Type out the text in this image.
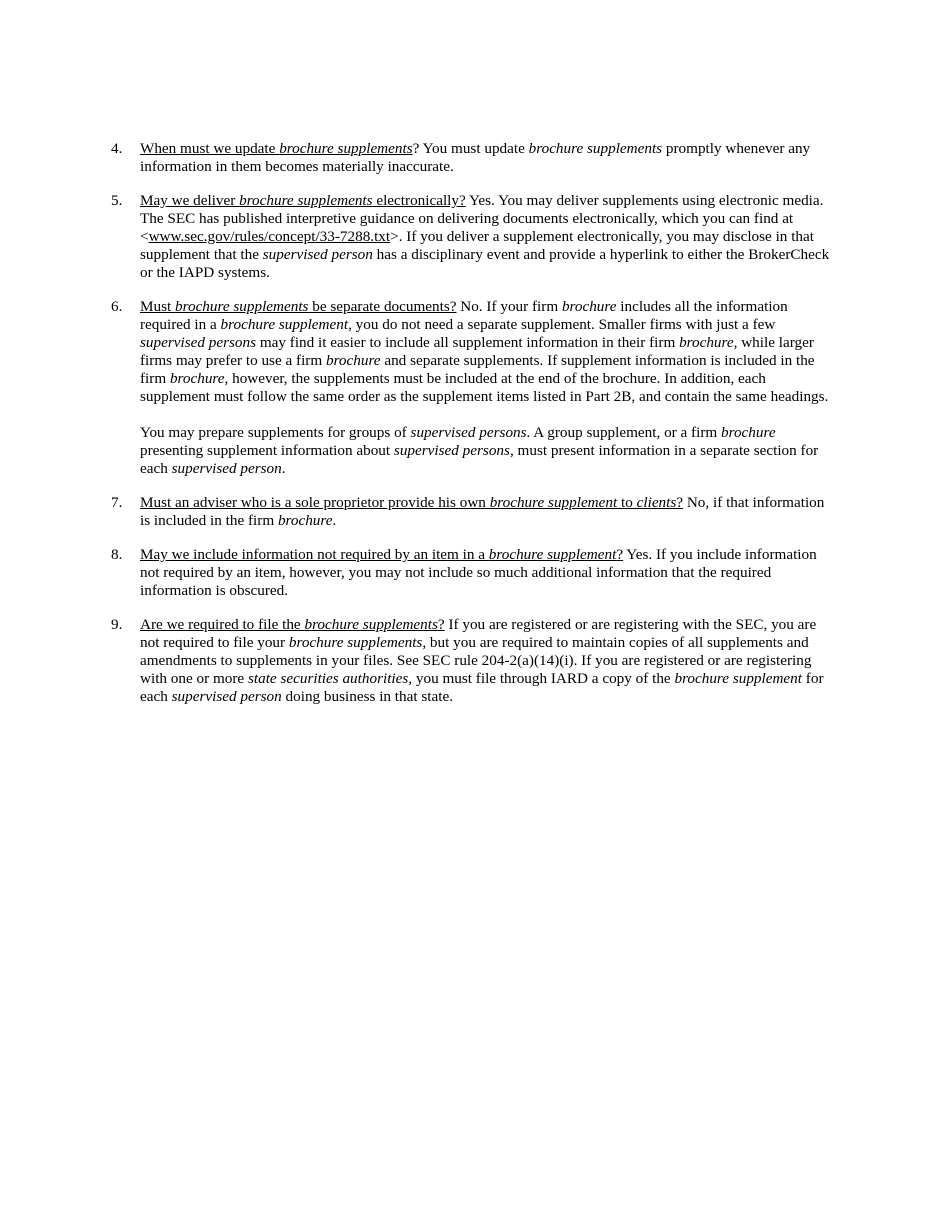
4. When must we update brochure supplements? You must update brochure supplements promptly whenever any information in them becomes materially inaccurate.

5. May we deliver brochure supplements electronically? Yes. You may deliver supplements using electronic media. The SEC has published interpretive guidance on delivering documents electronically, which you can find at <www.sec.gov/rules/concept/33-7288.txt>. If you deliver a supplement electronically, you may disclose in that supplement that the supervised person has a disciplinary event and provide a hyperlink to either the BrokerCheck or the IAPD systems.

6. Must brochure supplements be separate documents? No. If your firm brochure includes all the information required in a brochure supplement, you do not need a separate supplement. Smaller firms with just a few supervised persons may find it easier to include all supplement information in their firm brochure, while larger firms may prefer to use a firm brochure and separate supplements. If supplement information is included in the firm brochure, however, the supplements must be included at the end of the brochure. In addition, each supplement must follow the same order as the supplement items listed in Part 2B, and contain the same headings.

You may prepare supplements for groups of supervised persons. A group supplement, or a firm brochure presenting supplement information about supervised persons, must present information in a separate section for each supervised person.

7. Must an adviser who is a sole proprietor provide his own brochure supplement to clients? No, if that information is included in the firm brochure.

8. May we include information not required by an item in a brochure supplement? Yes. If you include information not required by an item, however, you may not include so much additional information that the required information is obscured.

9. Are we required to file the brochure supplements? If you are registered or are registering with the SEC, you are not required to file your brochure supplements, but you are required to maintain copies of all supplements and amendments to supplements in your files. See SEC rule 204-2(a)(14)(i). If you are registered or are registering with one or more state securities authorities, you must file through IARD a copy of the brochure supplement for each supervised person doing business in that state.
